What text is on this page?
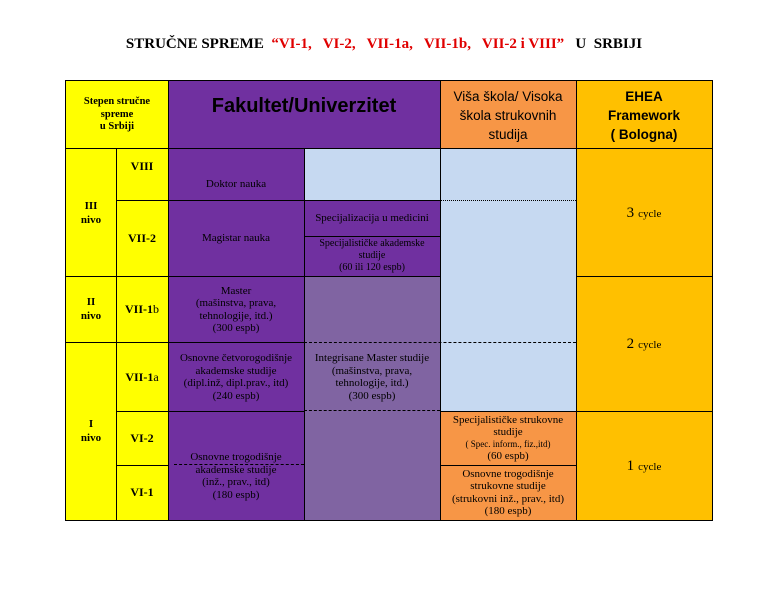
STRUČNE SPREME  “VI-1,   VI-2,   VII-1a,   VII-1b,   VII-2 i VIII”   U  SRBIJI
Stepen stručne
spreme
u Srbiji
Fakultet/Univerzitet	Viša škola/ Visoka
škola strukovnih
studija
EHEA
Framework
( Bologna)
III
nivo
II
nivo
I
nivo
VIII
VII-2
VII-1b
VII-1a
VI-2
VI-1
Doktor nauka
Magistar nauka
Master
(mašinstva, prava,
tehnologije, itd.)
(300 espb)
Osnovne četvorogodišnje
akademske studije
(dipl.inž, dipl.prav., itd)
(240 espb)
Osnovne trogodišnje
akademske studije
(inž., prav., itd)
(180 espb)
Specijalizacija u medicini
Specijalističke akademske
studije
(60 ili 120 espb)
Integrisane Master studije
(mašinstva, prava,
tehnologije, itd.)
(300 espb)
Specijalističke strukovne
studije
( Spec. inform., fiz.,itd)
(60 espb)
Osnovne trogodišnje
strukovne studije
(strukovni inž., prav., itd)
(180 espb)
3 cycle
2 cycle
1 cycle
